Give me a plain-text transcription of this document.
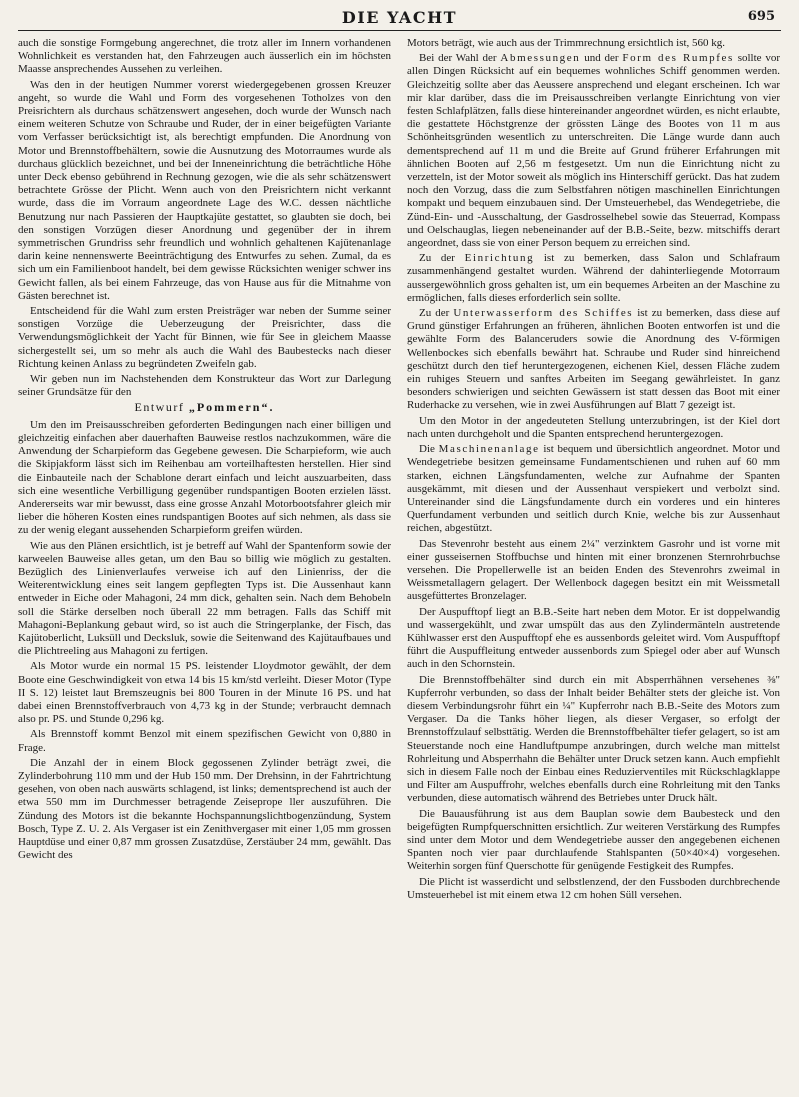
DIE YACHT	695

auch die sonstige Formgebung angerechnet, die trotz aller im Innern vorhandenen Wohnlichkeit es verstanden hat, den Fahrzeugen auch äusserlich ein im höchsten Maasse ansprechendes Aussehen zu verleihen.

Was den in der heutigen Nummer vorerst wiedergegebenen grossen Kreuzer angeht, so wurde die Wahl und Form des vorgesehenen Totholzes von den Preisrichtern als durchaus schätzenswert angesehen, doch wurde der Wunsch nach einem weiteren Schutze von Schraube und Ruder, der in einer beigefügten Variante vom Verfasser berücksichtigt ist, als berechtigt empfunden. Die Anordnung von Motor und Brennstoffbehältern, sowie die Ausnutzung des Motorraumes wurde als durchaus glücklich bezeichnet, und bei der Inneneinrichtung die beträchtliche Höhe unter Deck ebenso gebührend in Rechnung gezogen, wie die als sehr schätzenswert betrachtete Grösse der Plicht. Wenn auch von den Preisrichtern nicht verkannt wurde, dass die im Vorraum angeordnete Lage des W.C. dessen nächtliche Benutzung nur nach Passieren der Hauptkajüte gestattet, so glaubten sie doch, bei den sonstigen Vorzügen dieser Anordnung und gegenüber der in ihrem symmetrischen Grundriss sehr freundlich und wohnlich gehaltenen Kajütenanlage darin keine nennenswerte Beeinträchtigung des Entwurfes zu sehen. Zumal, da es sich um ein Familienboot handelt, bei dem gewisse Rücksichten weniger schwer ins Gewicht fallen, als bei einem Fahrzeuge, das von Hause aus für die Mitnahme von Gästen berechnet ist.

Entscheidend für die Wahl zum ersten Preisträger war neben der Summe seiner sonstigen Vorzüge die Ueberzeugung der Preisrichter, dass die Verwendungsmöglichkeit der Yacht für Binnen, wie für See in gleichem Maasse sichergestellt sei, um so mehr als auch die Wahl des Baubestecks nach dieser Richtung keinen Anlass zu begründeten Zweifeln gab.

Wir geben nun im Nachstehenden dem Konstrukteur das Wort zur Darlegung seiner Grundsätze für den

Entwurf „Pommern“.

Um den im Preisausschreiben geforderten Bedingungen nach einer billigen und gleichzeitig einfachen aber dauerhaften Bauweise restlos nachzukommen, wäre die Anwendung der Scharpieform das Gegebene gewesen. Die Scharpieform, wie auch die Skipjakform lässt sich im Reihenbau am vorteilhaftesten herstellen. Hier sind die Einbauteile nach der Schablone derart einfach und leicht auszuarbeiten, dass sich eine wesentliche Verbilligung gegenüber rundspantigen Booten erzielen lässt. Andererseits war mir bewusst, dass eine grosse Anzahl Motorbootsfahrer gleich mir lieber die höheren Kosten eines rundspantigen Bootes auf sich nehmen, als dass sie zu der wenig elegant aussehenden Scharpieform greifen würden.

Wie aus den Plänen ersichtlich, ist je betreff auf Wahl der Spantenform sowie der karweelen Bauweise alles getan, um den Bau so billig wie möglich zu gestalten. Bezüglich des Linienverlaufes verweise ich auf den Linienriss, der die Weiterentwicklung eines seit langem gepflegten Typs ist. Die Aussenhaut kann entweder in Eiche oder Mahagoni, 24 mm dick, gehalten sein. Nach dem Behobeln soll die Stärke derselben noch überall 22 mm betragen. Falls das Schiff mit Mahagoni-Beplankung gebaut wird, so ist auch die Stringerplanke, der Fisch, das Kajütoberlicht, Luksüll und Decksluk, sowie die Seitenwand des Kajütaufbaues und die Plichtreeling aus Mahagoni zu fertigen.

Als Motor wurde ein normal 15 PS. leistender Lloydmotor gewählt, der dem Boote eine Geschwindigkeit von etwa 14 bis 15 km/std verleiht. Dieser Motor (Type II S. 12) leistet laut Bremszeugnis bei 800 Touren in der Minute 16 PS. und hat dabei einen Brennstoffverbrauch von 4,73 kg in der Stunde; verbraucht demnach also pr. PS. und Stunde 0,296 kg.

Als Brennstoff kommt Benzol mit einem spezifischen Gewicht von 0,880 in Frage.

Die Anzahl der in einem Block gegossenen Zylinder beträgt zwei, die Zylinderbohrung 110 mm und der Hub 150 mm. Der Drehsinn, in der Fahrtrichtung gesehen, von oben nach auswärts schlagend, ist links; dementsprechend ist auch der etwa 550 mm im Durchmesser betragende Zeiseprope ller auszuführen. Die Zündung des Motors ist die bekannte Hochspannungslichtbogenzündung, System Bosch, Type Z. U. 2. Als Vergaser ist ein Zenithvergaser mit einer 1,05 mm grossen Hauptdüse und einer 0,87 mm grossen Zusatzdüse, Zerstäuber 24 mm, gewählt. Das Gewicht des

Motors beträgt, wie auch aus der Trimmrechnung ersichtlich ist, 560 kg.

Bei der Wahl der Abmessungen und der Form des Rumpfes sollte vor allen Dingen Rücksicht auf ein bequemes wohnliches Schiff genommen werden. Gleichzeitig sollte aber das Aeussere ansprechend und elegant erscheinen. Ich war mir klar darüber, dass die im Preisausschreiben verlangte Einrichtung von vier festen Schlafplätzen, falls diese hintereinander angeordnet würden, es nicht erlaubte, die gestattete Höchstgrenze der grössten Länge des Bootes von 11 m aus Schönheitsgründen wesentlich zu unterschreiten. Die Länge wurde dann auch dementsprechend auf 11 m und die Breite auf Grund früherer Erfahrungen mit ähnlichen Booten auf 2,56 m festgesetzt. Um nun die Einrichtung nicht zu verzetteln, ist der Motor soweit als möglich ins Hinterschiff gerückt. Das hat zudem noch den Vorzug, dass die zum Selbstfahren nötigen maschinellen Einrichtungen kompakt und bequem einzubauen sind. Der Umsteuerhebel, das Wendegetriebe, die Zünd-Ein- und -Ausschaltung, der Gasdrosselhebel sowie das Steuerrad, Kompass und Oelschauglas, liegen nebeneinander auf der B.B.-Seite, bezw. mitschiffs derart angeordnet, dass sie von einer Person bequem zu erreichen sind.

Zu der Einrichtung ist zu bemerken, dass Salon und Schlafraum zusammenhängend gestaltet wurden. Während der dahinterliegende Motorraum aussergewöhnlich gross gehalten ist, um ein bequemes Arbeiten an der Maschine zu ermöglichen, falls dieses erforderlich sein sollte.

Zu der Unterwasserform des Schiffes ist zu bemerken, dass diese auf Grund günstiger Erfahrungen an früheren, ähnlichen Booten entworfen ist und die gewählte Form des Balanceruders sowie die Anordnung des V-förmigen Wellenbockes sich ebenfalls bewährt hat. Schraube und Ruder sind hinreichend geschützt durch den tief heruntergezogenen, eichenen Kiel, dessen Fläche zudem ein ruhiges Steuern und sanftes Arbeiten im Seegang gewährleistet. In ganz besonders schwierigen und seichten Gewässern ist statt dessen das Boot mit einer Ruderhacke zu versehen, wie in zwei Ausführungen auf Blatt 7 gezeigt ist.

Um den Motor in der angedeuteten Stellung unterzubringen, ist der Kiel dort nach unten durchgeholt und die Spanten entsprechend heruntergezogen.

Die Maschinenanlage ist bequem und übersichtlich angeordnet. Motor und Wendegetriebe besitzen gemeinsame Fundamentschienen und ruhen auf 60 mm starken, eichnen Längsfundamenten, welche zur Aufnahme der Spanten ausgekämmt, mit diesen und der Aussenhaut verspiekert und verbolzt sind. Untereinander sind die Längsfundamente durch ein vorderes und ein hinteres Querfundament verbunden und seitlich durch Knie, welche bis zur Aussenhaut reichen, abgestützt.

Das Stevenrohr besteht aus einem 2¼" verzinktem Gasrohr und ist vorne mit einer gusseisernen Stoffbuchse und hinten mit einer bronzenen Sternrohrbuchse versehen. Die Propellerwelle ist an beiden Enden des Stevenrohrs zweimal in Weissmetallagern gelagert. Der Wellenbock dagegen besitzt ein mit Weissmetall ausgefüttertes Bronzelager.

Der Auspufftopf liegt an B.B.-Seite hart neben dem Motor. Er ist doppelwandig und wassergekühlt, und zwar umspült das aus den Zylindermänteln austretende Kühlwasser erst den Auspufftopf ehe es aussenbords geleitet wird. Vom Auspufftopf führt die Auspuffleitung entweder aussenbords zum Spiegel oder aber auf Wunsch auch in den Schornstein.

Die Brennstoffbehälter sind durch ein mit Absperrhähnen versehenes ⅜" Kupferrohr verbunden, so dass der Inhalt beider Behälter stets der gleiche ist. Von diesem Verbindungsrohr führt ein ¼" Kupferrohr nach B.B.-Seite des Motors zum Vergaser. Da die Tanks höher liegen, als dieser Vergaser, so erfolgt der Brennstoffzulauf selbsttätig. Werden die Brennstoffbehälter tiefer gelagert, so ist am Steuerstande noch eine Handluftpumpe anzubringen, durch welche man mittelst Rohrleitung und Absperrhahn die Behälter unter Druck setzen kann. Auch empfiehlt sich in diesem Falle noch der Einbau eines Reduzierventiles mit Rückschlagklappe und Filter am Auspuffrohr, welches ebenfalls durch eine Rohrleitung mit den Tanks verbunden, diese automatisch während des Betriebes unter Druck hält.

Die Bauausführung ist aus dem Bauplan sowie dem Baubesteck und den beigefügten Rumpfquerschnitten ersichtlich. Zur weiteren Verstärkung des Rumpfes sind unter dem Motor und dem Wendegetriebe ausser den angegebenen eichenen Spanten noch vier paar durchlaufende Stahlspanten (50×40×4) vorgesehen. Weiterhin sorgen fünf Querschotte für genügende Festigkeit des Rumpfes.

Die Plicht ist wasserdicht und selbstlenzend, der den Fussboden durchbrechende Umsteuerhebel ist mit einem etwa 12 cm hohen Süll versehen.
